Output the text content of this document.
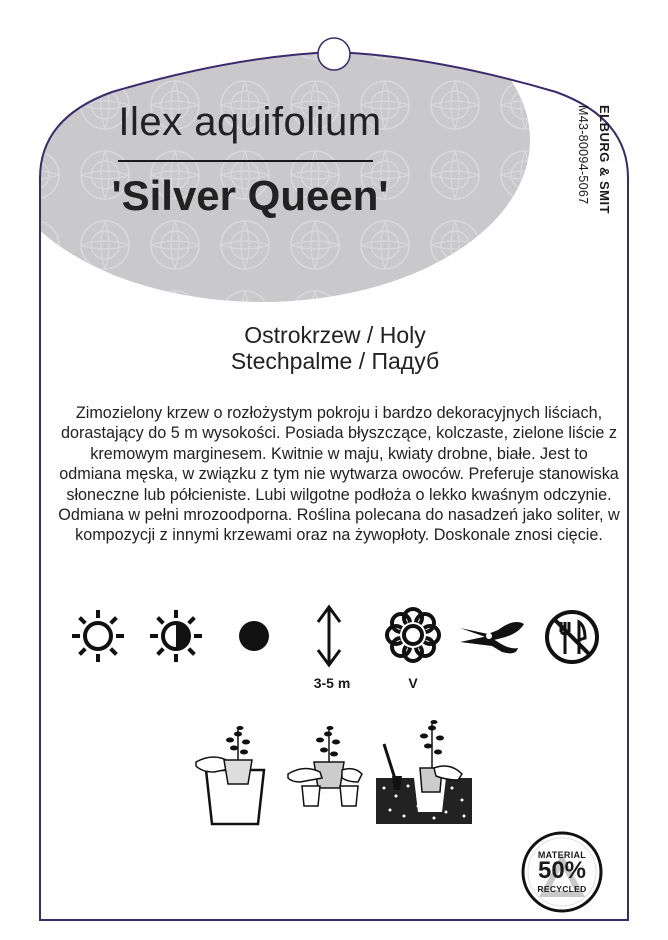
Ilex aquifolium
'Silver Queen'	ELBURG & SMIT
M43-80094-5067
Ostrokrzew / Holy
Stechpalme / Падуб
Zimozielony krzew o rozłożystym pokroju i bardzo dekoracyjnych liściach, dorastający do 5 m wysokości. Posiada błyszczące, kolczaste, zielone liście z kremowym marginesem. Kwitnie w maju, kwiaty drobne, białe. Jest to odmiana męska, w związku z tym nie wytwarza owoców. Preferuje stanowiska słoneczne lub półcieniste. Lubi wilgotne podłoża o lekko kwaśnym odczynie. Odmiana w pełni mrozoodporna. Roślina polecana do nasadzeń jako soliter, w kompozycji z innymi krzewami oraz na żywopłoty. Doskonale znosi cięcie.
3-5 m	V
MATERIAL
50%
RECYCLED
